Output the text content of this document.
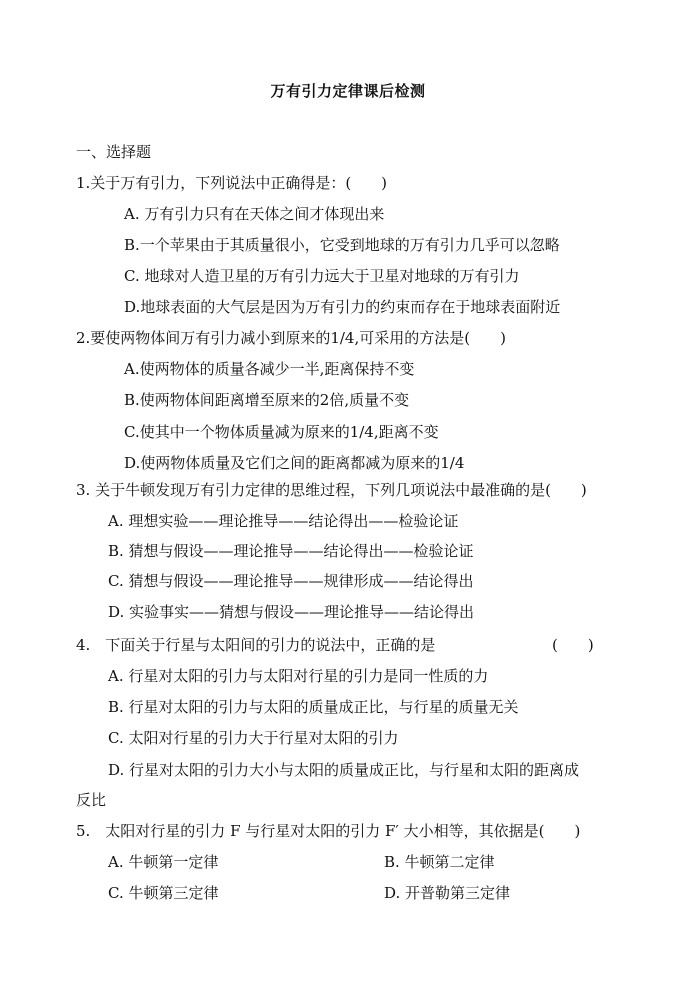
万有引力定律课后检测
一、选择题
1.关于万有引力，下列说法中正确得是：(　　)
A. 万有引力只有在天体之间才体现出来
B.一个苹果由于其质量很小，它受到地球的万有引力几乎可以忽略
C. 地球对人造卫星的万有引力远大于卫星对地球的万有引力
D.地球表面的大气层是因为万有引力的约束而存在于地球表面附近
2.要使两物体间万有引力减小到原来的1/4,可采用的方法是(　　)
A.使两物体的质量各减少一半,距离保持不变
B.使两物体间距离增至原来的2倍,质量不变
C.使其中一个物体质量减为原来的1/4,距离不变
D.使两物体质量及它们之间的距离都减为原来的1/4
3. 关于牛顿发现万有引力定律的思维过程，下列几项说法中最准确的是(　　)
A. 理想实验——理论推导——结论得出——检验论证
B. 猜想与假设——理论推导——结论得出——检验论证
C. 猜想与假设——理论推导——规律形成——结论得出
D. 实验事实——猜想与假设——理论推导——结论得出
4.　下面关于行星与太阳间的引力的说法中，正确的是	(　　)
A. 行星对太阳的引力与太阳对行星的引力是同一性质的力
B. 行星对太阳的引力与太阳的质量成正比，与行星的质量无关
C. 太阳对行星的引力大于行星对太阳的引力
D. 行星对太阳的引力大小与太阳的质量成正比，与行星和太阳的距离成
反比
5.　太阳对行星的引力 F 与行星对太阳的引力 F′ 大小相等，其依据是(　　)
A. 牛顿第一定律	B. 牛顿第二定律
C. 牛顿第三定律	D. 开普勒第三定律
